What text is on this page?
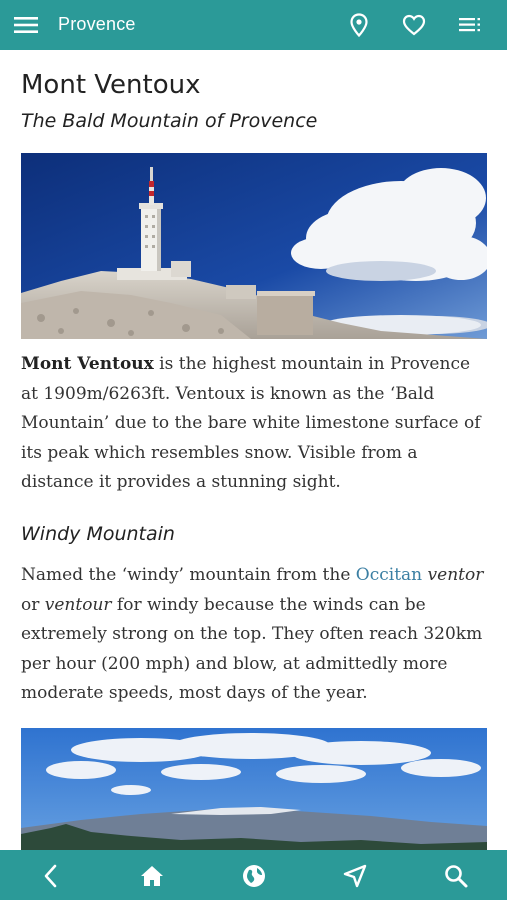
Provence
Mont Ventoux
The Bald Mountain of Provence

Mont Ventoux is the highest mountain in Provence at 1909m/6263ft. Ventoux is known as the ‘Bald Mountain’ due to the bare white limestone surface of its peak which resembles snow. Visible from a distance it provides a stunning sight.

Windy Mountain

Named the ‘windy’ mountain from the Occitan ventor or ventour for windy because the winds can be extremely strong on the top. They often reach 320km per hour (200 mph) and blow, at admittedly more moderate speeds, most days of the year.
